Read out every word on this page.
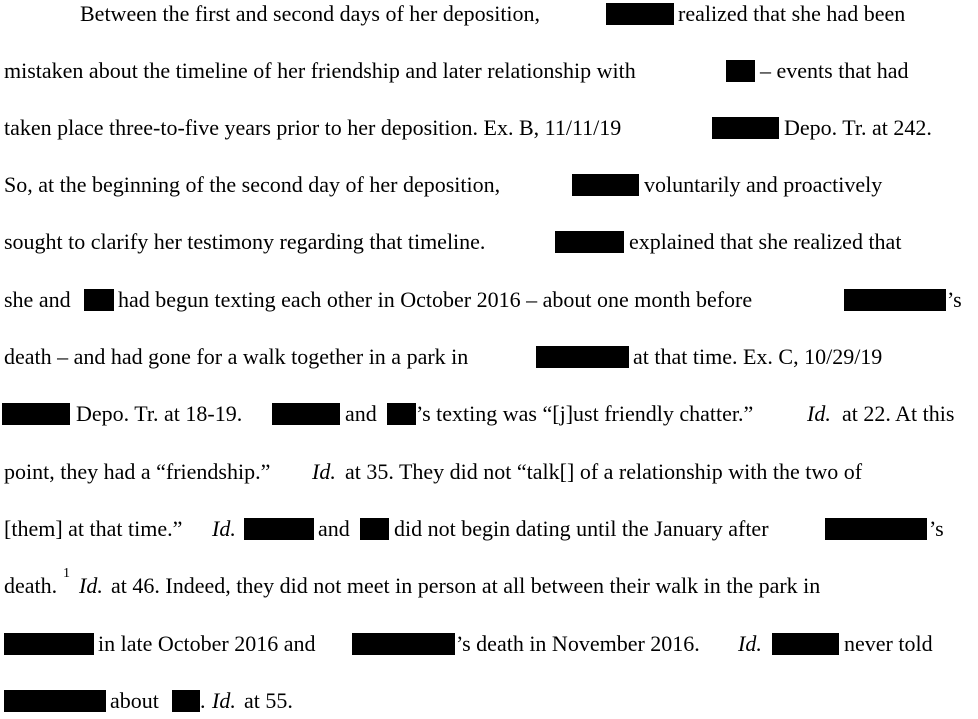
Between the first and second days of her deposition,	realized that she had been
mistaken about the timeline of her friendship and later relationship with	– events that had
taken place three-to-five years prior to her deposition. Ex. B, 11/11/19	Depo. Tr. at 242.
So, at the beginning of the second day of her deposition,	voluntarily and proactively
sought to clarify her testimony regarding that timeline.	explained that she realized that
she and had begun texting each other in October 2016 – about one month before	’s
death – and had gone for a walk together in a park in	at that time. Ex. C, 10/29/19
Depo. Tr. at 18-19.	and ’s texting was “[j]ust friendly chatter.” Id. at 22. At this
point, they had a “friendship.” Id. at 35. They did not “talk[] of a relationship with the two of
[them] at that time.” Id.	and did not begin dating until the January after	’s
death. 1 Id. at 46. Indeed, they did not meet in person at all between their walk in the park in
in late October 2016 and	’s death in November 2016. Id.	never told
about . Id. at 55.
